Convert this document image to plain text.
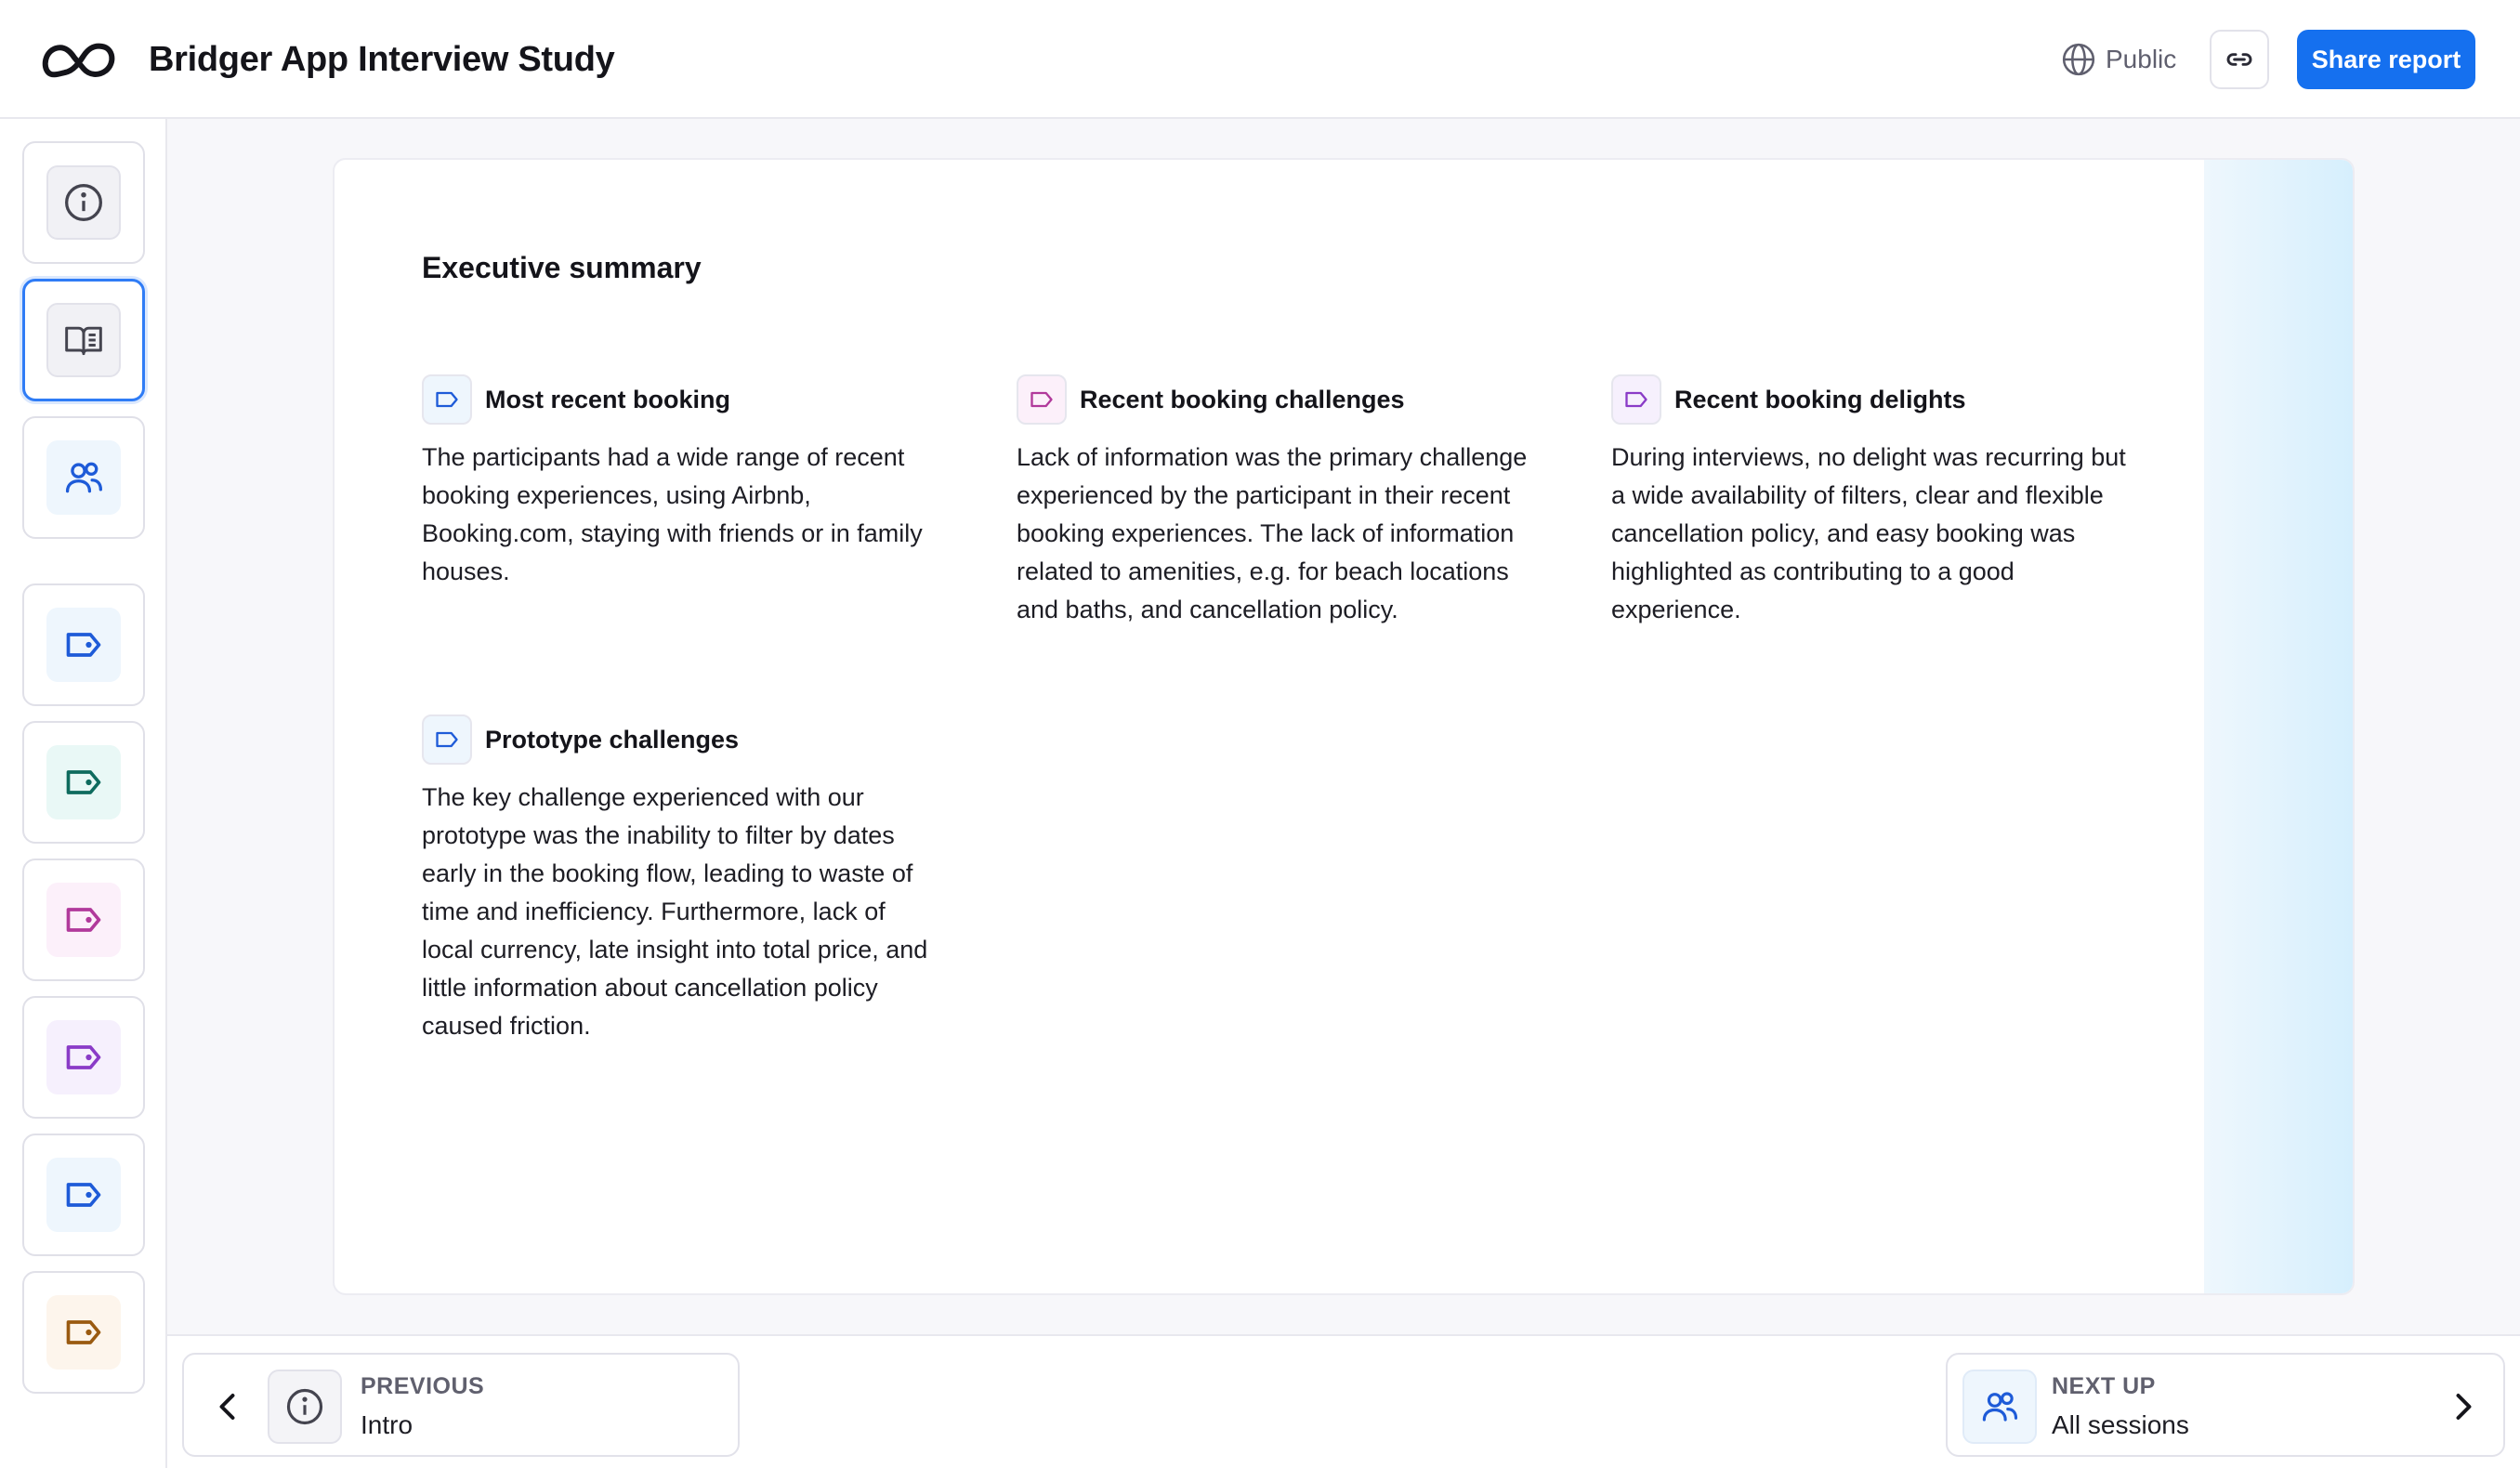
Bridger App Interview Study	Public	Share report
Executive summary
Most recent booking
The participants had a wide range of recent booking experiences, using Airbnb, Booking.com, staying with friends or in family houses.
Recent booking challenges
Lack of information was the primary challenge experienced by the participant in their recent booking experiences. The lack of information related to amenities, e.g. for beach locations and baths, and cancellation policy.
Recent booking delights
During interviews, no delight was recurring but a wide availability of filters, clear and flexible cancellation policy, and easy booking was highlighted as contributing to a good experience.
Prototype challenges
The key challenge experienced with our prototype was the inability to filter by dates early in the booking flow, leading to waste of time and inefficiency. Furthermore, lack of local currency, late insight into total price, and little information about cancellation policy caused friction.
PREVIOUS
Intro
NEXT UP
All sessions
